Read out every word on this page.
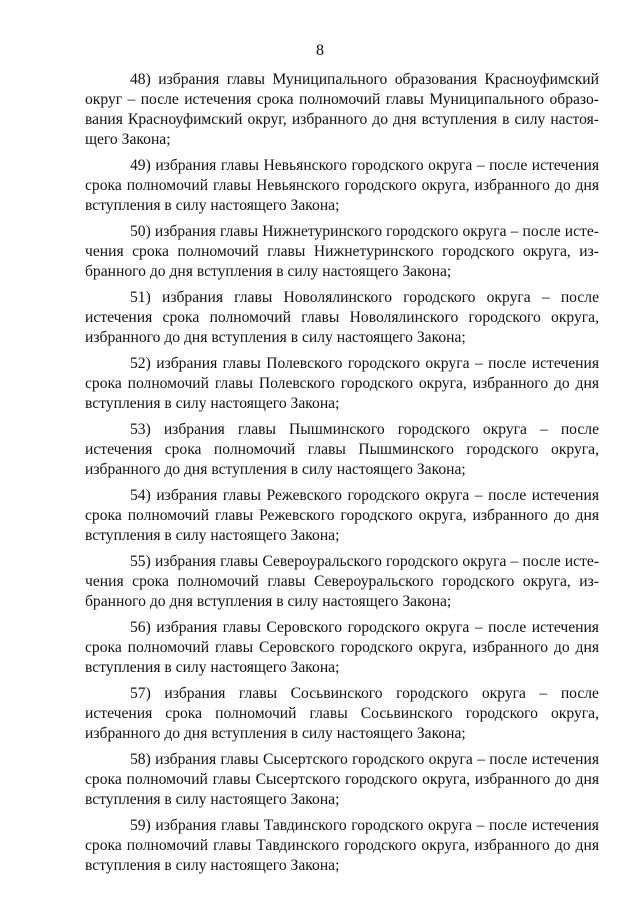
8

48) избрания главы Муниципального образования Красноуфимский округ – после истечения срока полномочий главы Муниципального образования Красноуфимский округ, избранного до дня вступления в силу настоящего Закона;

49) избрания главы Невьянского городского округа – после истечения срока полномочий главы Невьянского городского округа, избранного до дня вступления в силу настоящего Закона;

50) избрания главы Нижнетуринского городского округа – после истечения срока полномочий главы Нижнетуринского городского округа, избранного до дня вступления в силу настоящего Закона;

51) избрания главы Новолялинского городского округа – после истечения срока полномочий главы Новолялинского городского округа, избранного до дня вступления в силу настоящего Закона;

52) избрания главы Полевского городского округа – после истечения срока полномочий главы Полевского городского округа, избранного до дня вступления в силу настоящего Закона;

53) избрания главы Пышминского городского округа – после истечения срока полномочий главы Пышминского городского округа, избранного до дня вступления в силу настоящего Закона;

54) избрания главы Режевского городского округа – после истечения срока полномочий главы Режевского городского округа, избранного до дня вступления в силу настоящего Закона;

55) избрания главы Североуральского городского округа – после истечения срока полномочий главы Североуральского городского округа, избранного до дня вступления в силу настоящего Закона;

56) избрания главы Серовского городского округа – после истечения срока полномочий главы Серовского городского округа, избранного до дня вступления в силу настоящего Закона;

57) избрания главы Сосьвинского городского округа – после истечения срока полномочий главы Сосьвинского городского округа, избранного до дня вступления в силу настоящего Закона;

58) избрания главы Сысертского городского округа – после истечения срока полномочий главы Сысертского городского округа, избранного до дня вступления в силу настоящего Закона;

59) избрания главы Тавдинского городского округа – после истечения срока полномочий главы Тавдинского городского округа, избранного до дня вступления в силу настоящего Закона;
